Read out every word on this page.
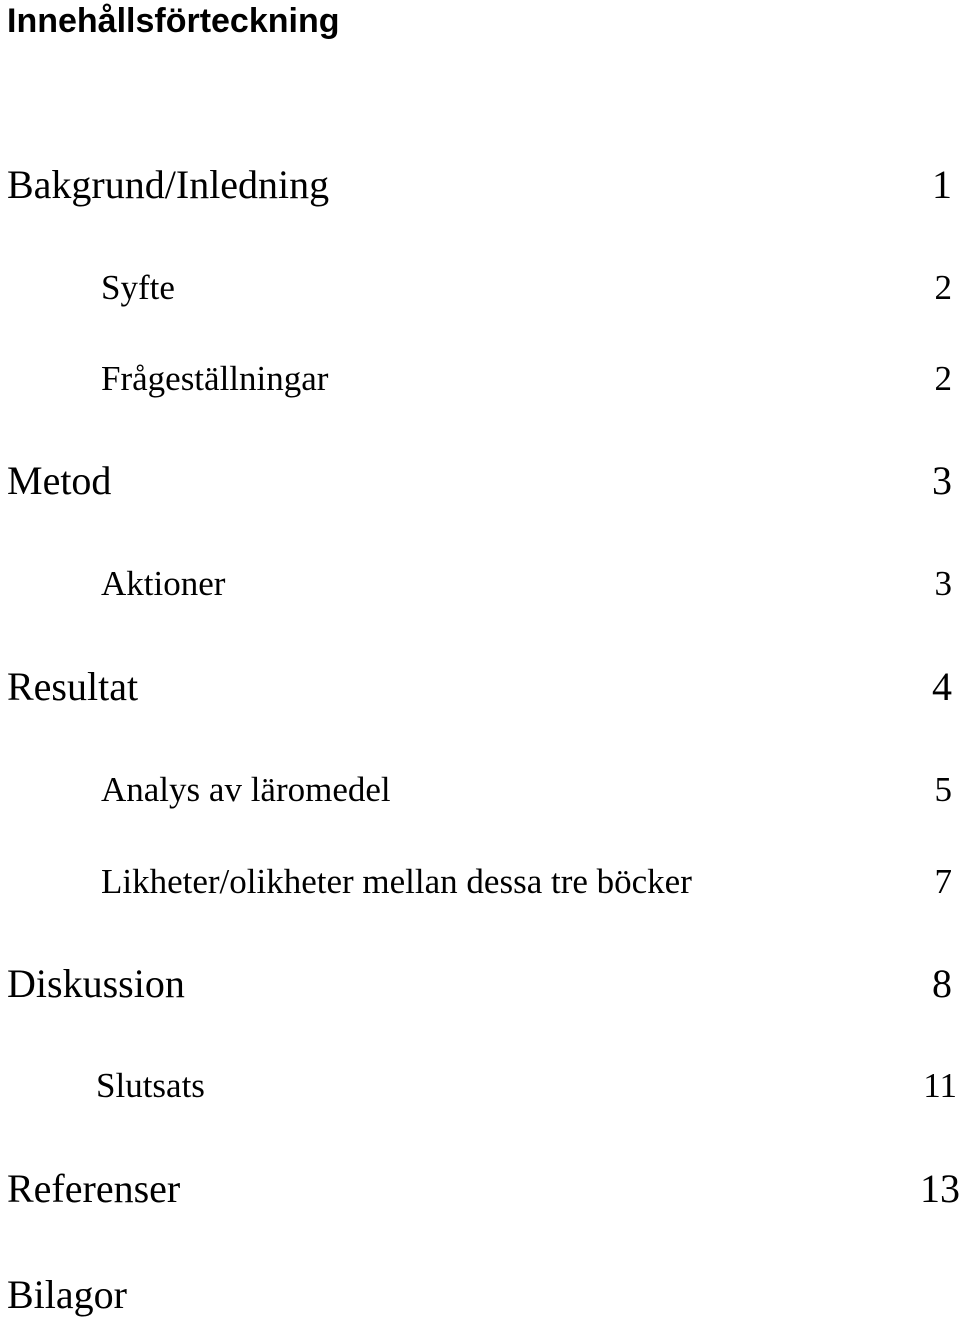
Innehållsförteckning
Bakgrund/Inledning	1
Syfte	2
Frågeställningar	2
Metod	3
Aktioner	3
Resultat	4
Analys av läromedel	5
Likheter/olikheter mellan dessa tre böcker	7
Diskussion	8
Slutsats	11
Referenser	13
Bilagor
